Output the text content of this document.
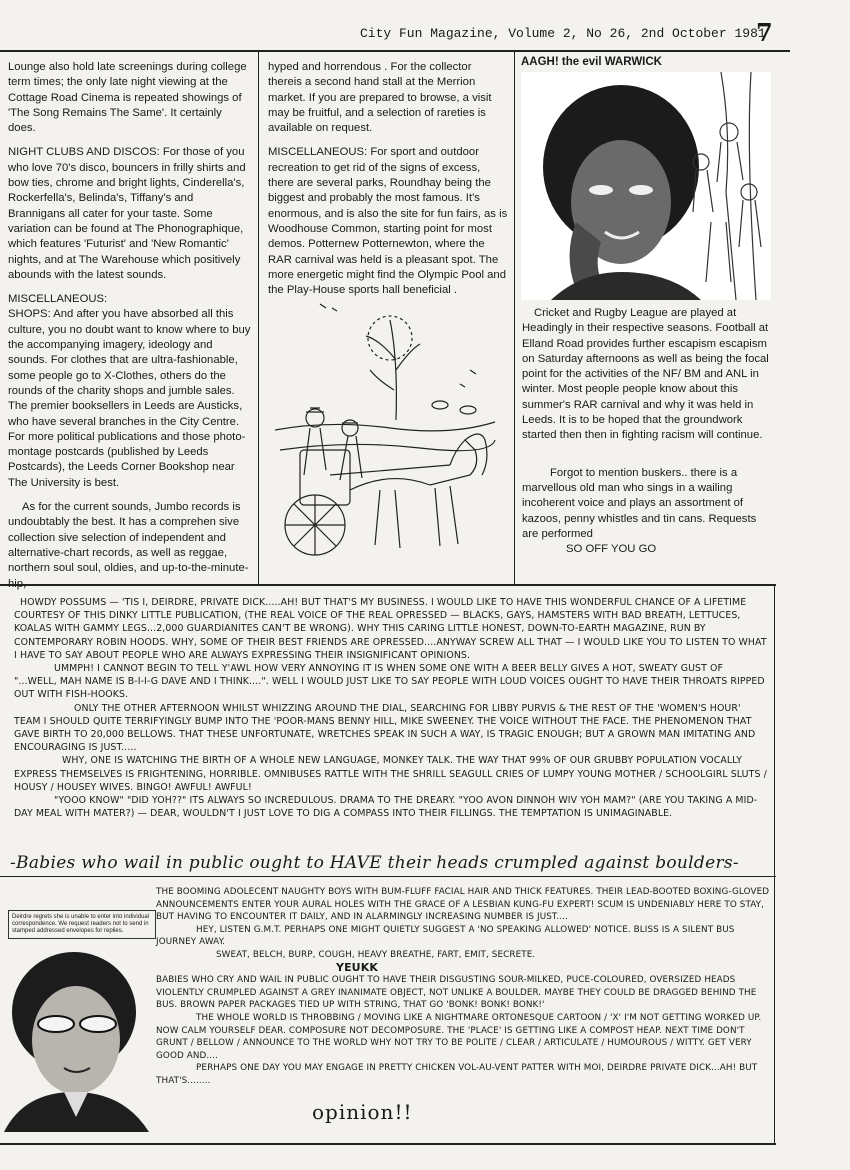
City Fun Magazine, Volume 2, No 26, 2nd October 1981
7

Lounge also hold late screenings during college term times; the only late night viewing at the Cottage Road Cinema is repeated showings of 'The Song Remains The Same'. It certainly does.

NIGHT CLUBS AND DISCOS: For those of you who love 70's disco, bouncers in frilly shirts and bow ties, chrome and bright lights, Cinderella's, Rockerfella's, Belinda's, Tiffany's and Brannigans all cater for your taste. Some variation can be found at The Phonographique, which features 'Futurist' and 'New Romantic' nights, and at The Warehouse which positively abounds with the latest sounds.

MISCELLANEOUS:

SHOPS: And after you have absorbed all this culture, you no doubt want to know where to buy the accompanying imagery, ideology and sounds. For clothes that are ultra-fashionable, some people go to X-Clothes, others do the rounds of the charity shops and jumble sales.

The premier booksellers in Leeds are Austicks, who have several branches in the City Centre. For more political publications and those photo-montage postcards (published by Leeds Postcards), the Leeds Corner Bookshop near The University is best.

As for the current sounds, Jumbo records is undoubtably the best. It has a comprehen sive collection sive selection of independent and alternative-chart records, as well as reggae, northern soul soul, oldies, and up-to-the-minute-hip,

hyped and horrendous . For the collector thereis a second hand stall at the Merrion market. If you are prepared to browse, a visit may be fruitful, and a selection of rareties is available on request.

MISCELLANEOUS: For sport and outdoor recreation to get rid of the signs of excess, there are several parks, Roundhay being the biggest and probably the most famous. It's enormous, and is also the site for fun fairs, as is Woodhouse Common, starting point for most demos. Potternew Potternewton, where the RAR carnival was held is a pleasant spot. The more energetic might find the Olympic Pool and the Play-House sports hall beneficial .

AAGH! the evil WARWICK

Cricket and Rugby League are played at Headingly in their respective seasons. Football at Elland Road provides further escapism escapism on Saturday afternoons as well as being the focal point for the activities of the NF/ BM and ANL in winter. Most people people know about this summer's RAR carnival and why it was held in Leeds. It is to be hoped that the groundwork started then then in fighting racism will continue.

Forgot to mention buskers.. there is a marvellous old man who sings in a wailing incoherent voice and plays an assortment of kazoos, penny whistles and tin cans. Requests are performed

SO OFF YOU GO
HOWDY POSSUMS — 'TIS I, DEIRDRE, PRIVATE DICK.....AH! BUT THAT'S MY BUSINESS. I WOULD LIKE TO HAVE THIS WONDERFUL CHANCE OF A LIFETIME COURTESY OF THIS DINKY LITTLE PUBLICATION, (THE REAL VOICE OF THE REAL OPRESSED — BLACKS, GAYS, HAMSTERS WITH BAD BREATH, LETTUCES, KOALAS WITH GAMMY LEGS...2,000 GUARDIANITES CAN'T BE WRONG). WHY THIS CARING LITTLE HONEST, DOWN-TO-EARTH MAGAZINE, RUN BY CONTEMPORARY ROBIN HOODS. WHY, SOME OF THEIR BEST FRIENDS ARE OPRESSED....ANYWAY SCREW ALL THAT — I WOULD LIKE YOU TO LISTEN TO WHAT I HAVE TO SAY ABOUT PEOPLE WHO ARE ALWAYS EXPRESSING THEIR INSIGNIFICANT OPINIONS.
UMMPH! I CANNOT BEGIN TO TELL Y'AWL HOW VERY ANNOYING IT IS WHEN SOME ONE WITH A BEER BELLY GIVES A HOT, SWEATY GUST OF "...WELL, MAH NAME IS B-I-I-G DAVE AND I THINK....". WELL I WOULD JUST LIKE TO SAY PEOPLE WITH LOUD VOICES OUGHT TO HAVE THEIR THROATS RIPPED OUT WITH FISH-HOOKS.
ONLY THE OTHER AFTERNOON WHILST WHIZZING AROUND THE DIAL, SEARCHING FOR LIBBY PURVIS & THE REST OF THE 'WOMEN'S HOUR' TEAM I SHOULD QUITE TERRIFYINGLY BUMP INTO THE 'POOR-MANS BENNY HILL, MIKE SWEENEY. THE VOICE WITHOUT THE FACE. THE PHENOMENON THAT GAVE BIRTH TO 20,000 BELLOWS. THAT THESE UNFORTUNATE, WRETCHES SPEAK IN SUCH A WAY, IS TRAGIC ENOUGH; BUT A GROWN MAN IMITATING AND ENCOURAGING IS JUST.....
WHY, ONE IS WATCHING THE BIRTH OF A WHOLE NEW LANGUAGE, MONKEY TALK. THE WAY THAT 99% OF OUR GRUBBY POPULATION VOCALLY EXPRESS THEMSELVES IS FRIGHTENING, HORRIBLE. OMNIBUSES RATTLE WITH THE SHRILL SEAGULL CRIES OF LUMPY YOUNG MOTHER / SCHOOLGIRL SLUTS / HOUSY / HOUSEY WIVES. BINGO! AWFUL! AWFUL!
"YOOO KNOW" "DID YOH??" ITS ALWAYS SO INCREDULOUS. DRAMA TO THE DREARY. "YOO AVON DINNOH WIV YOH MAM?" (ARE YOU TAKING A MID-DAY MEAL WITH MATER?) — DEAR, WOULDN'T I JUST LOVE TO DIG A COMPASS INTO THEIR FILLINGS. THE TEMPTATION IS UNIMAGINABLE.
-Babies who wail in public ought to HAVE their heads crumpled against boulders-
THE BOOMING ADOLECENT NAUGHTY BOYS WITH BUM-FLUFF FACIAL HAIR AND THICK FEATURES. THEIR LEAD-BOOTED BOXING-GLOVED ANNOUNCEMENTS ENTER YOUR AURAL HOLES WITH THE GRACE OF A LESBIAN KUNG-FU EXPERT! SCUM IS UNDENIABLY HERE TO STAY, BUT HAVING TO ENCOUNTER IT DAILY, AND IN ALARMINGLY INCREASING NUMBER IS JUST....
HEY, LISTEN G.M.T. PERHAPS ONE MIGHT QUIETLY SUGGEST A 'NO SPEAKING ALLOWED' NOTICE. BLISS IS A SILENT BUS JOURNEY AWAY.
SWEAT, BELCH, BURP, COUGH, HEAVY BREATHE, FART, EMIT, SECRETE.
YEUKK
BABIES WHO CRY AND WAIL IN PUBLIC OUGHT TO HAVE THEIR DISGUSTING SOUR-MILKED, PUCE-COLOURED, OVERSIZED HEADS VIOLENTLY CRUMPLED AGAINST A GREY INANIMATE OBJECT, NOT UNLIKE A BOULDER. MAYBE THEY COULD BE DRAGGED BEHIND THE BUS. BROWN PAPER PACKAGES TIED UP WITH STRING, THAT GO 'BONK! BONK! BONK!'
THE WHOLE WORLD IS THROBBING / MOVING LIKE A NIGHTMARE ORTONESQUE CARTOON / 'X' I'M NOT GETTING WORKED UP. NOW CALM YOURSELF DEAR. COMPOSURE NOT DECOMPOSURE. THE 'PLACE' IS GETTING LIKE A COMPOST HEAP. NEXT TIME DON'T GRUNT / BELLOW / ANNOUNCE TO THE WORLD WHY NOT TRY TO BE POLITE / CLEAR / ARTICULATE / HUMOUROUS / WITTY. GET VERY GOOD AND....
PERHAPS ONE DAY YOU MAY ENGAGE IN PRETTY CHICKEN VOL-AU-VENT PATTER WITH MOI, DEIRDRE PRIVATE DICK...AH! BUT THAT'S........
Deirdre regrets she is unable to enter into individual correspondence. We request readers not to send in stamped addressed envelopes for replies.
opinion!!
